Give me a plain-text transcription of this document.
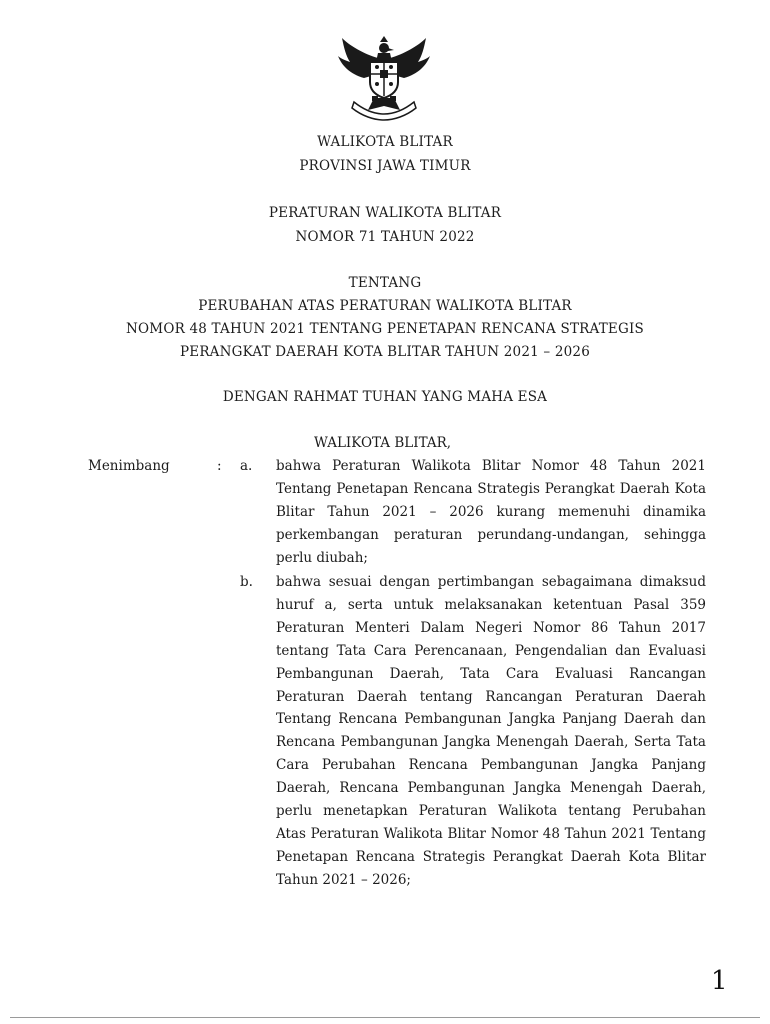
WALIKOTA BLITAR
PROVINSI JAWA TIMUR
PERATURAN WALIKOTA BLITAR
NOMOR 71 TAHUN 2022
TENTANG
PERUBAHAN ATAS PERATURAN WALIKOTA BLITAR
NOMOR 48 TAHUN 2021 TENTANG PENETAPAN RENCANA STRATEGIS
PERANGKAT DAERAH KOTA BLITAR TAHUN 2021 – 2026
DENGAN RAHMAT TUHAN YANG MAHA ESA
WALIKOTA BLITAR,
Menimbang	: a. bahwa Peraturan Walikota Blitar Nomor 48 Tahun 2021 Tentang Penetapan Rencana Strategis Perangkat Daerah Kota Blitar Tahun 2021 – 2026 kurang memenuhi dinamika perkembangan peraturan perundang-undangan, sehingga perlu diubah;
b. bahwa sesuai dengan pertimbangan sebagaimana dimaksud huruf a, serta untuk melaksanakan ketentuan Pasal 359 Peraturan Menteri Dalam Negeri Nomor 86 Tahun 2017 tentang Tata Cara Perencanaan, Pengendalian dan Evaluasi Pembangunan Daerah, Tata Cara Evaluasi Rancangan Peraturan Daerah tentang Rancangan Peraturan Daerah Tentang Rencana Pembangunan Jangka Panjang Daerah dan Rencana Pembangunan Jangka Menengah Daerah, Serta Tata Cara Perubahan Rencana Pembangunan Jangka Panjang Daerah, Rencana Pembangunan Jangka Menengah Daerah, perlu menetapkan Peraturan Walikota tentang Perubahan Atas Peraturan Walikota Blitar Nomor 48 Tahun 2021 Tentang Penetapan Rencana Strategis Perangkat Daerah Kota Blitar Tahun 2021 – 2026;
1
